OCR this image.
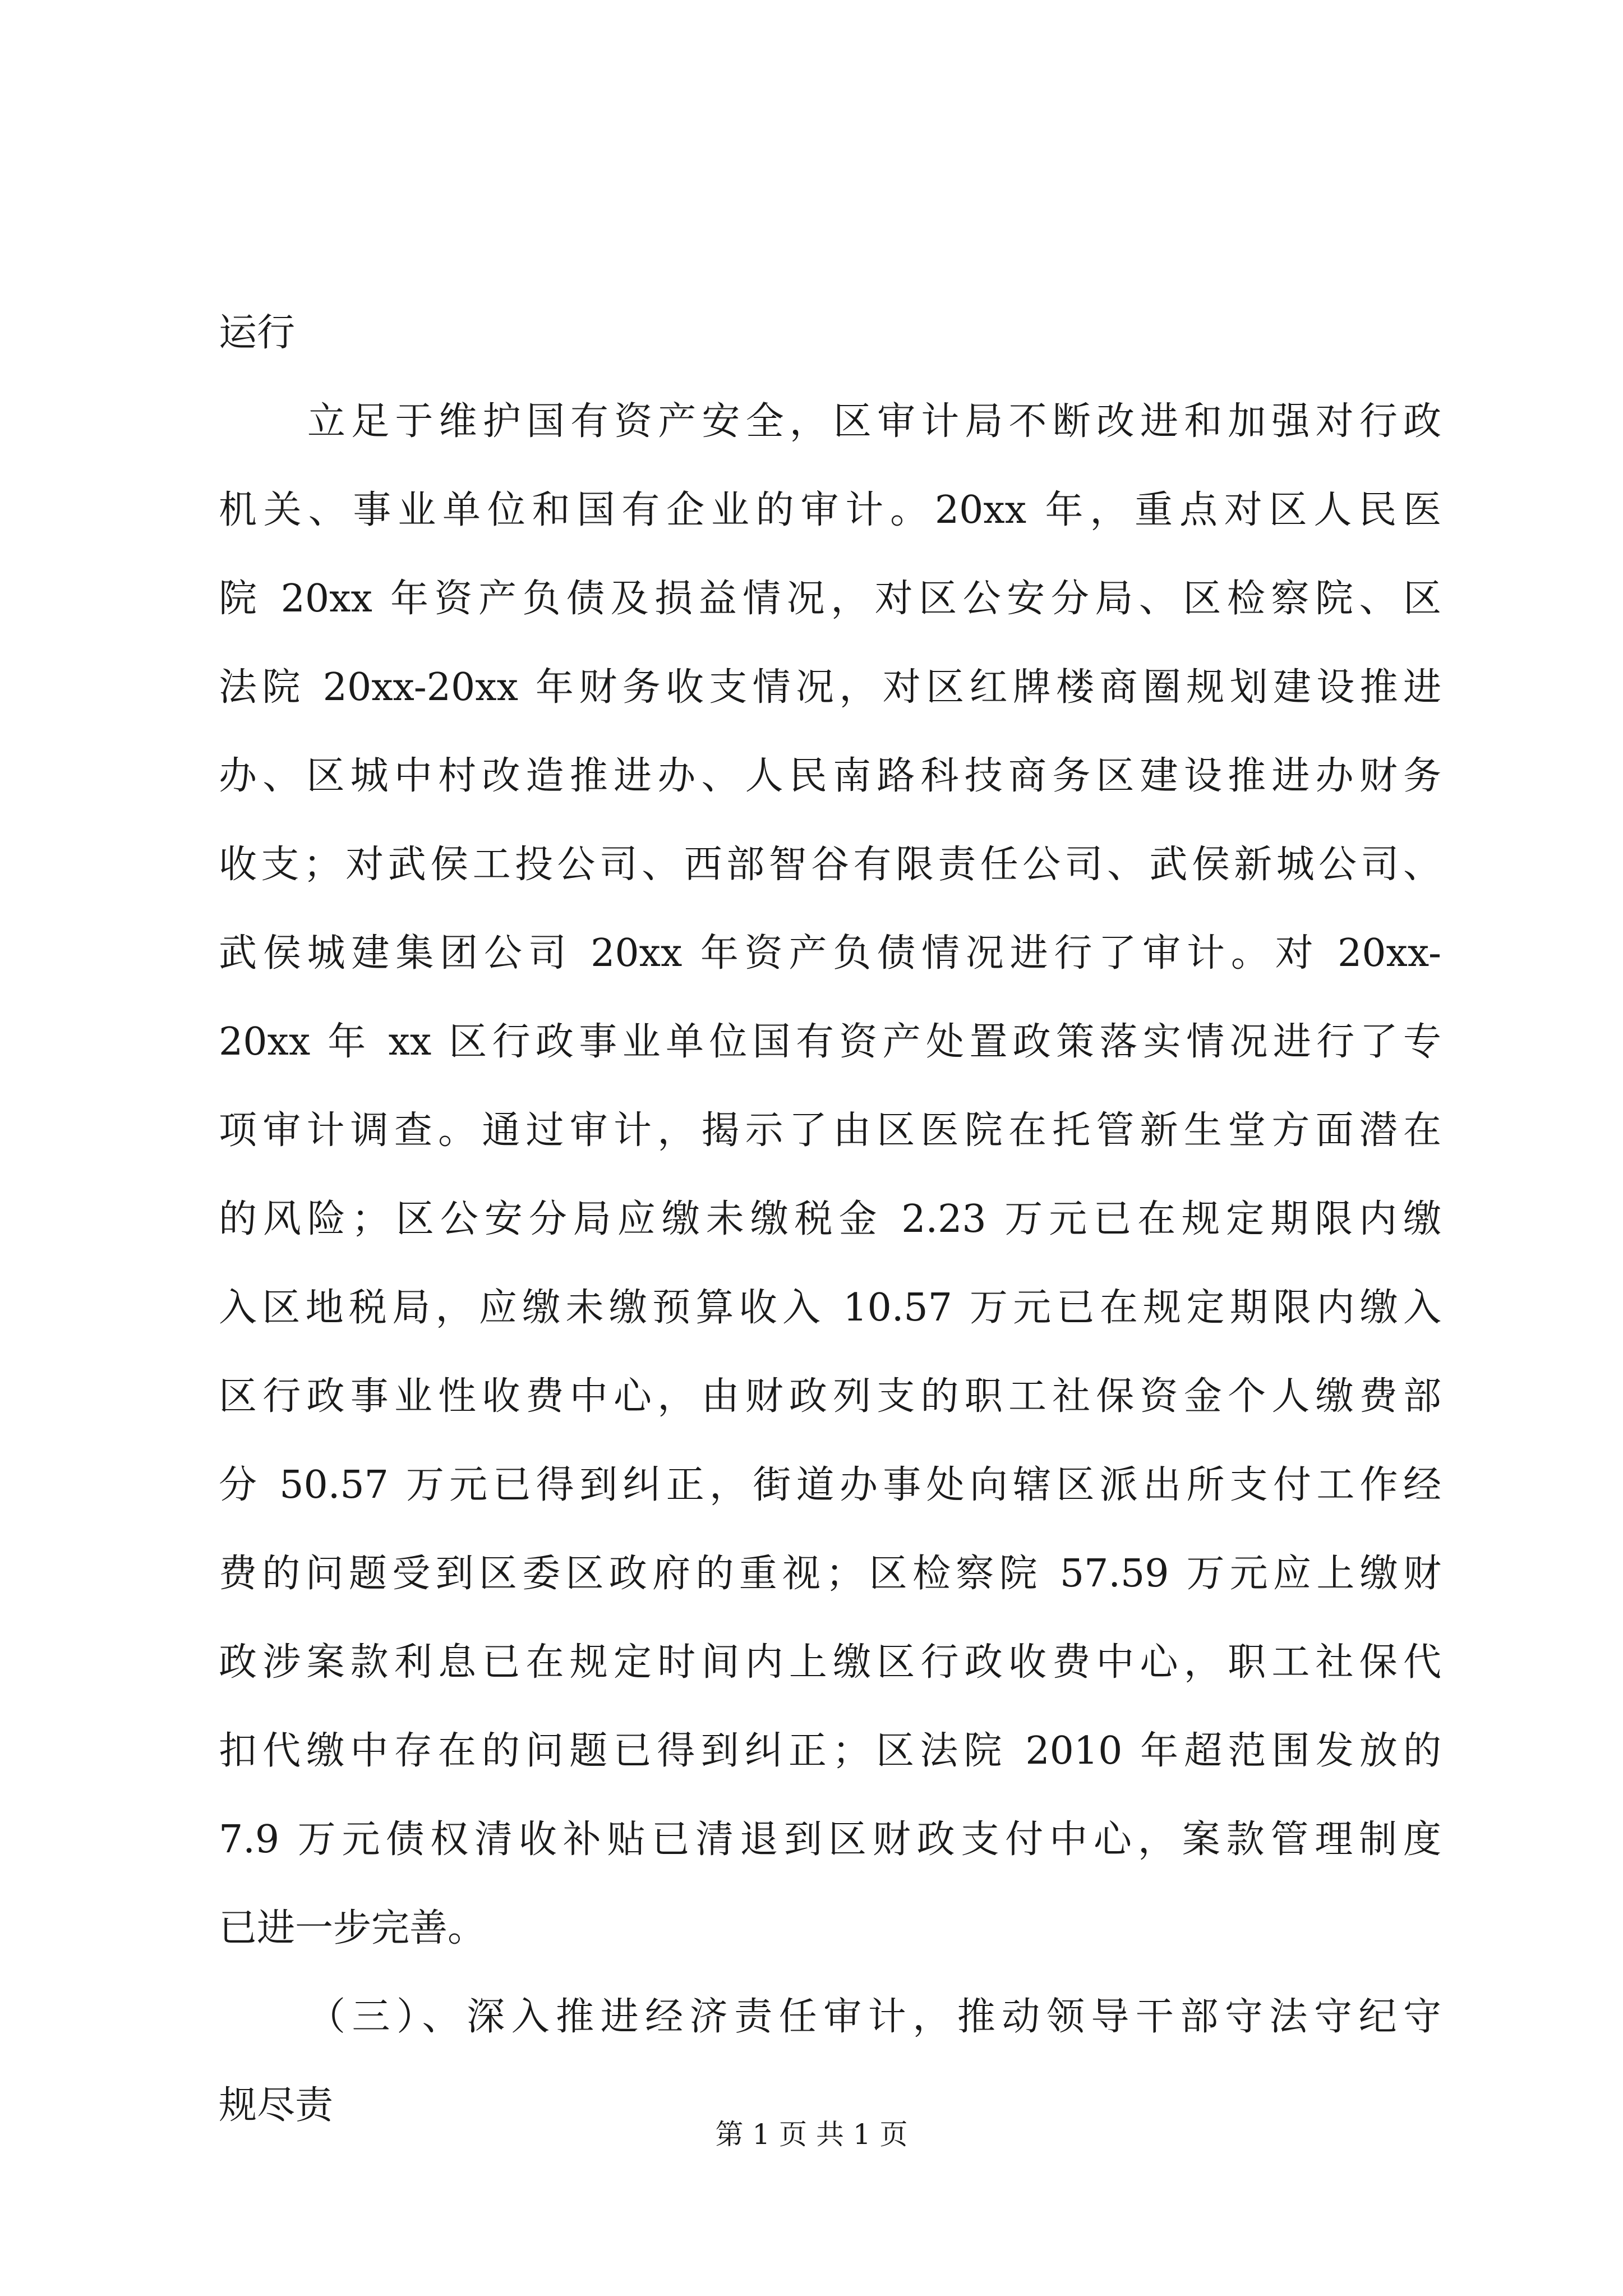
运行
立足于维护国有资产安全，区审计局不断改进和加强对行政
机关、事业单位和国有企业的审计。20xx 年，重点对区人民医
院 20xx 年资产负债及损益情况，对区公安分局、区检察院、区
法院 20xx-20xx 年财务收支情况，对区红牌楼商圈规划建设推进
办、区城中村改造推进办、人民南路科技商务区建设推进办财务
收支；对武侯工投公司、西部智谷有限责任公司、武侯新城公司、
武侯城建集团公司 20xx 年资产负债情况进行了审计。对 20xx-
20xx 年 xx 区行政事业单位国有资产处置政策落实情况进行了专
项审计调查。通过审计，揭示了由区医院在托管新生堂方面潜在
的风险；区公安分局应缴未缴税金 2.23 万元已在规定期限内缴
入区地税局，应缴未缴预算收入 10.57 万元已在规定期限内缴入
区行政事业性收费中心，由财政列支的职工社保资金个人缴费部
分 50.57 万元已得到纠正，街道办事处向辖区派出所支付工作经
费的问题受到区委区政府的重视；区检察院 57.59 万元应上缴财
政涉案款利息已在规定时间内上缴区行政收费中心，职工社保代
扣代缴中存在的问题已得到纠正；区法院 2010 年超范围发放的
7.9 万元债权清收补贴已清退到区财政支付中心，案款管理制度
已进一步完善。
（三）、深入推进经济责任审计，推动领导干部守法守纪守
规尽责
第 1 页 共 1 页
